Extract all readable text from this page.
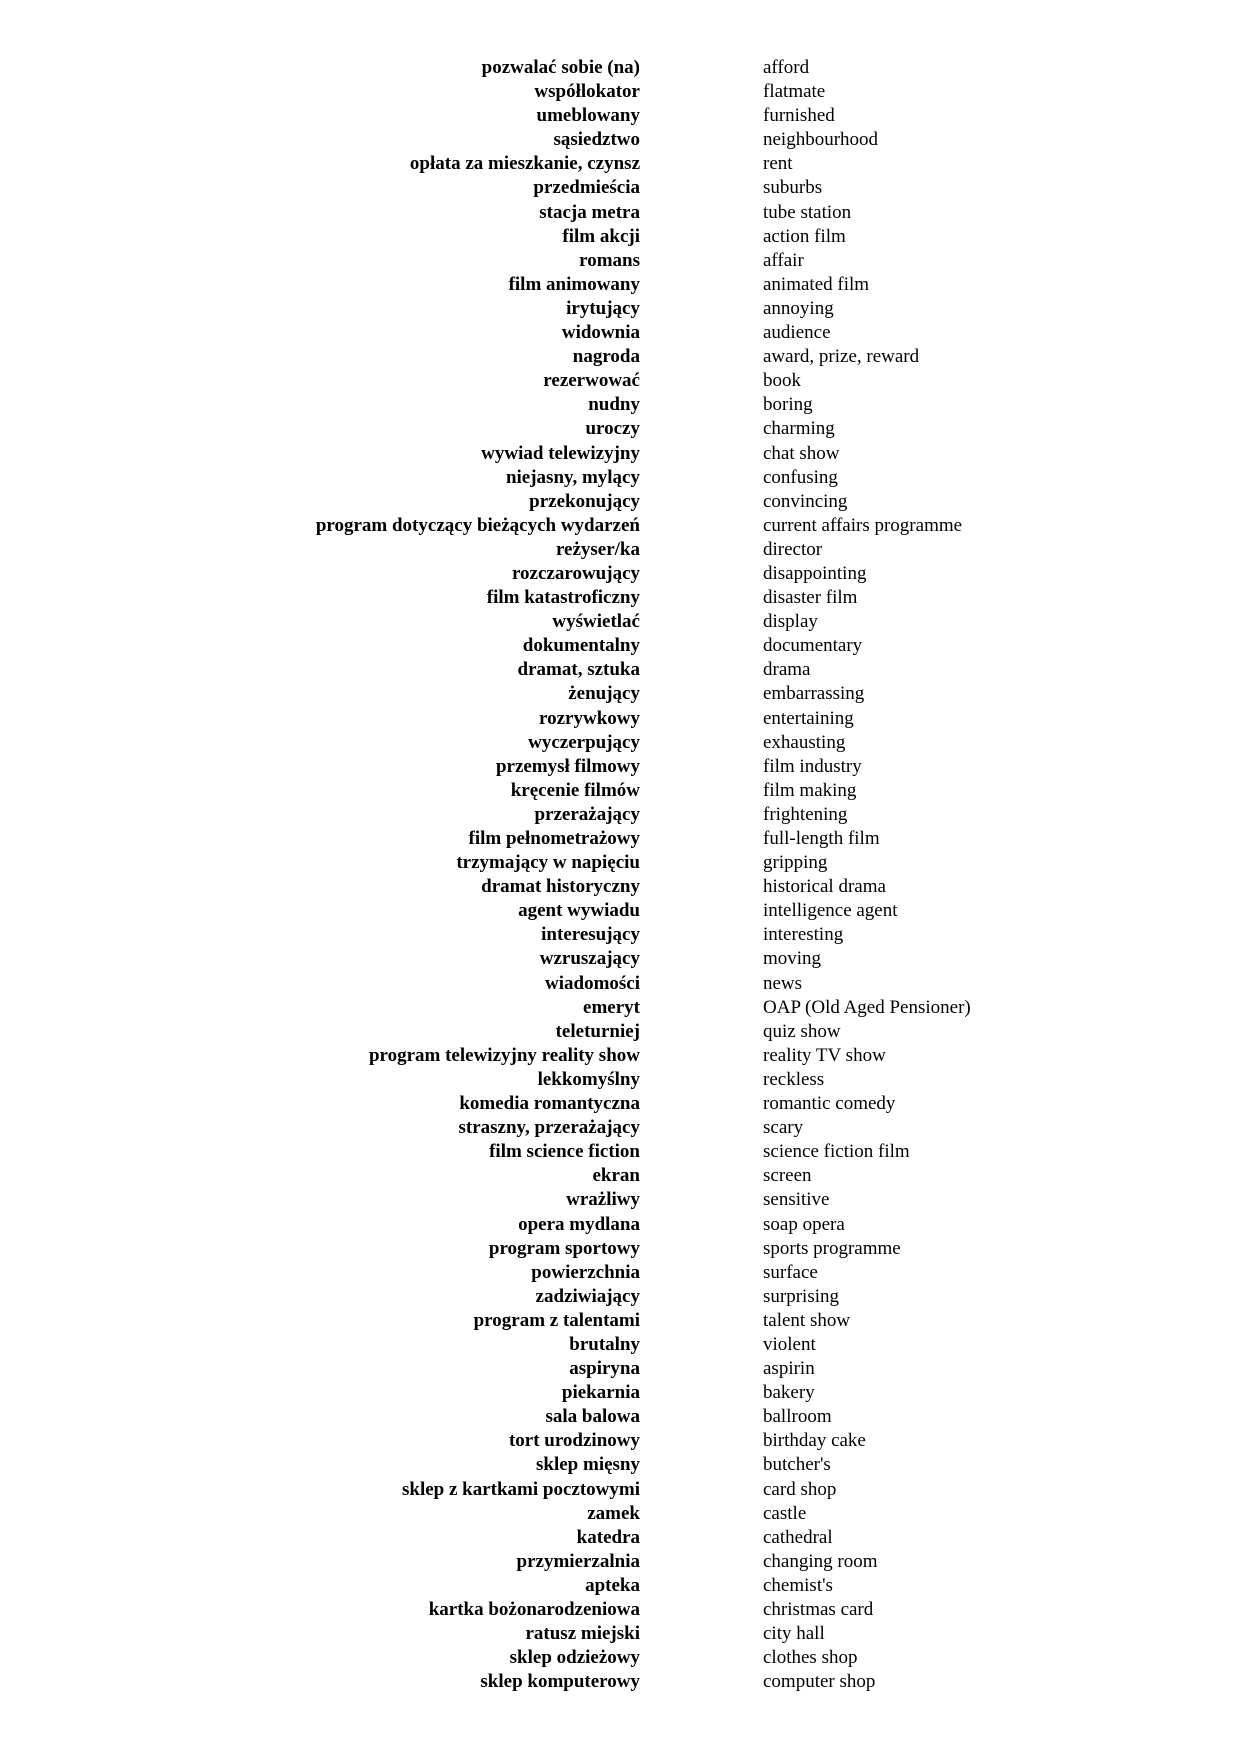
pozwalać sobie (na)	afford
współlokator	flatmate
umeblowany	furnished
sąsiedztwo	neighbourhood
opłata za mieszkanie, czynsz	rent
przedmieścia	suburbs
stacja metra	tube station
film akcji	action film
romans	affair
film animowany	animated film
irytujący	annoying
widownia	audience
nagroda	award, prize, reward
rezerwować	book
nudny	boring
uroczy	charming
wywiad telewizyjny	chat show
niejasny, mylący	confusing
przekonujący	convincing
program dotyczący bieżących wydarzeń	current affairs programme
reżyser/ka	director
rozczarowujący	disappointing
film katastroficzny	disaster film
wyświetlać	display
dokumentalny	documentary
dramat, sztuka	drama
żenujący	embarrassing
rozrywkowy	entertaining
wyczerpujący	exhausting
przemysł filmowy	film industry
kręcenie filmów	film making
przerażający	frightening
film pełnometrażowy	full-length film
trzymający w napięciu	gripping
dramat historyczny	historical drama
agent wywiadu	intelligence agent
interesujący	interesting
wzruszający	moving
wiadomości	news
emeryt	OAP (Old Aged Pensioner)
teleturniej	quiz show
program telewizyjny reality show	reality TV show
lekkomyślny	reckless
komedia romantyczna	romantic comedy
straszny, przerażający	scary
film science fiction	science fiction film
ekran	screen
wrażliwy	sensitive
opera mydlana	soap opera
program sportowy	sports programme
powierzchnia	surface
zadziwiający	surprising
program z talentami	talent show
brutalny	violent
aspiryna	aspirin
piekarnia	bakery
sala balowa	ballroom
tort urodzinowy	birthday cake
sklep mięsny	butcher's
sklep z kartkami pocztowymi	card shop
zamek	castle
katedra	cathedral
przymierzalnia	changing room
apteka	chemist's
kartka bożonarodzeniowa	christmas card
ratusz miejski	city hall
sklep odzieżowy	clothes shop
sklep komputerowy	computer shop
